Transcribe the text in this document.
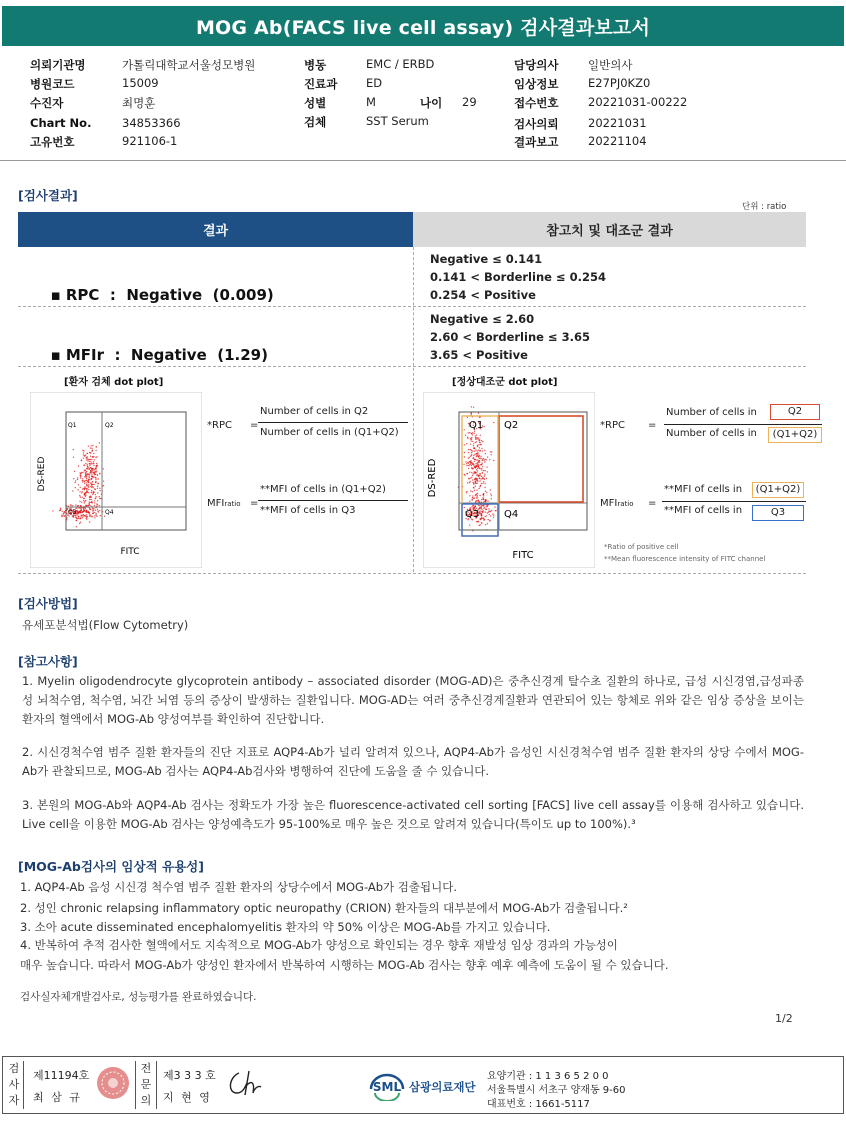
MOG Ab(FACS live cell assay) 검사결과보고서
의뢰기관명	가톨릭대학교서울성모병원
병원코드	15009
수진자	최명훈
Chart No.	34853366
고유번호	921106-1
병동	EMC / ERBD
진료과 ED
성별	M	나이 29
검체	SST Serum
담당의사	일반의사
임상정보	E27PJ0KZ0
접수번호	20221031-00222
검사의뢰	20221031
결과보고	20221104
[검사결과]
단위 : ratio
결과	참고치 및 대조군 결과

▪ RPC : Negative (0.009)

Negative ≤ 0.141
0.141 < Borderline ≤ 0.254
0.254 < Positive

▪ MFIr : Negative (1.29)

Negative ≤ 2.60
2.60 < Borderline ≤ 3.65
3.65 < Positive
[환자 검체 dot plot]	[정상대조군 dot plot]
Q1	Q2
Q3	Q4
DS-RED
FITC
*RPC =
Number of cells in Q2
Number of cells in (Q1+Q2)
MFIratio =
**MFI of cells in (Q1+Q2)
**MFI of cells in Q3
Q1 Q2
Q3 Q4
DS-RED
FITC
*RPC =
Number of cells in	Q2
Number of cells in	(Q1+Q2)
MFIratio =
**MFI of cells in	(Q1+Q2)
**MFI of cells in	Q3
*Ratio of positive cell
**Mean fluorescence intensity of FITC channel
[검사방법]
유세포분석법(Flow Cytometry)
[참고사항]
1. Myelin oligodendrocyte glycoprotein antibody – associated disorder (MOG-AD)은 중추신경계 탈수초 질환의 하나로, 급성 시신경염,급성파종성 뇌척수염, 척수염, 뇌간 뇌염 등의 증상이 발생하는 질환입니다. MOG-AD는 여러 중추신경계질환과 연관되어 있는 항체로 위와 같은 임상 증상을 보이는 환자의 혈액에서 MOG-Ab 양성여부를 확인하여 진단합니다.
2. 시신경척수염 범주 질환 환자들의 진단 지표로 AQP4-Ab가 널리 알려져 있으나, AQP4-Ab가 음성인 시신경척수염 범주 질환 환자의 상당 수에서 MOG-Ab가 관찰되므로, MOG-Ab 검사는 AQP4-Ab검사와 병행하여 진단에 도움을 줄 수 있습니다.
3. 본원의 MOG-Ab와 AQP4-Ab 검사는 정확도가 가장 높은 fluorescence-activated cell sorting [FACS] live cell assay를 이용해 검사하고 있습니다. Live cell을 이용한 MOG-Ab 검사는 양성예측도가 95-100%로 매우 높은 것으로 알려져 있습니다(특이도 up to 100%).³
[MOG-Ab검사의 임상적 유용성]
1. AQP4-Ab 음성 시신경 척수염 범주 질환 환자의 상당수에서 MOG-Ab가 검출됩니다.
2. 성인 chronic relapsing inflammatory optic neuropathy (CRION) 환자들의 대부분에서 MOG-Ab가 검출됩니다.²
3. 소아 acute disseminated encephalomyelitis 환자의 약 50% 이상은 MOG-Ab를 가지고 있습니다.
4. 반복하여 추적 검사한 혈액에서도 지속적으로 MOG-Ab가 양성으로 확인되는 경우 향후 재발성 임상 경과의 가능성이
매우 높습니다. 따라서 MOG-Ab가 양성인 환자에서 반복하여 시행하는 MOG-Ab 검사는 향후 예후 예측에 도움이 될 수 있습니다.
검사실자체개발검사로, 성능평가를 완료하였습니다.
1/2
검
사
자
제11194호
최 삼 규
전
문
의
제3 3 3 호
지 현 영
SML 삼광의료재단
요양기관 : 1 1 3 6 5 2 0 0
서울특별시 서초구 양재동 9-60
대표번호 : 1661-5117
